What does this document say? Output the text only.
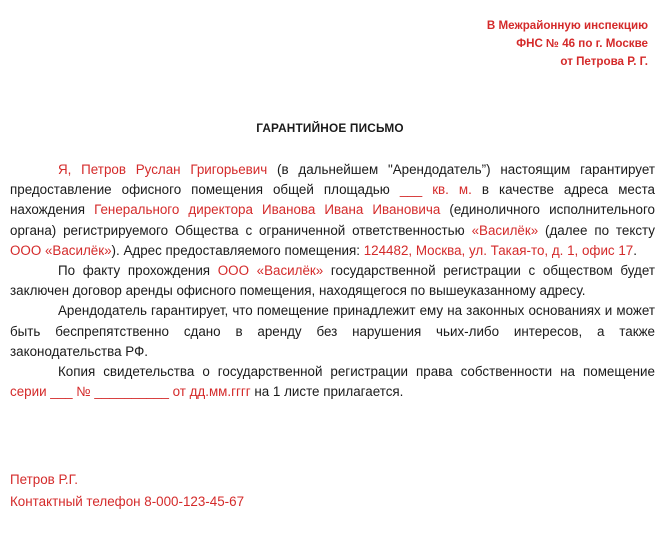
В Межрайонную инспекцию
ФНС № 46 по г. Москве
от Петрова Р. Г.
ГАРАНТИЙНОЕ ПИСЬМО

Я, Петров Руслан Григорьевич (в дальнейшем "Арендодатель”) настоящим гарантирует предоставление офисного помещения общей площадью ___ кв. м. в качестве адреса места нахождения Генерального директора Иванова Ивана Ивановича (единоличного исполнительного органа) регистрируемого Общества с ограниченной ответственностью «Василёк» (далее по тексту ООО «Василёк»). Адрес предоставляемого помещения: 124482, Москва, ул. Такая-то, д. 1, офис 17.

По факту прохождения ООО «Василёк» государственной регистрации с обществом будет заключен договор аренды офисного помещения, находящегося по вышеуказанному адресу.

Арендодатель гарантирует, что помещение принадлежит ему на законных основаниях и может быть беспрепятственно сдано в аренду без нарушения чьих-либо интересов, а также законодательства РФ.

Копия свидетельства о государственной регистрации права собственности на помещение серии ___ № __________ от дд.мм.гггг на 1 листе прилагается.

Петров Р.Г.
Контактный телефон 8-000-123-45-67
